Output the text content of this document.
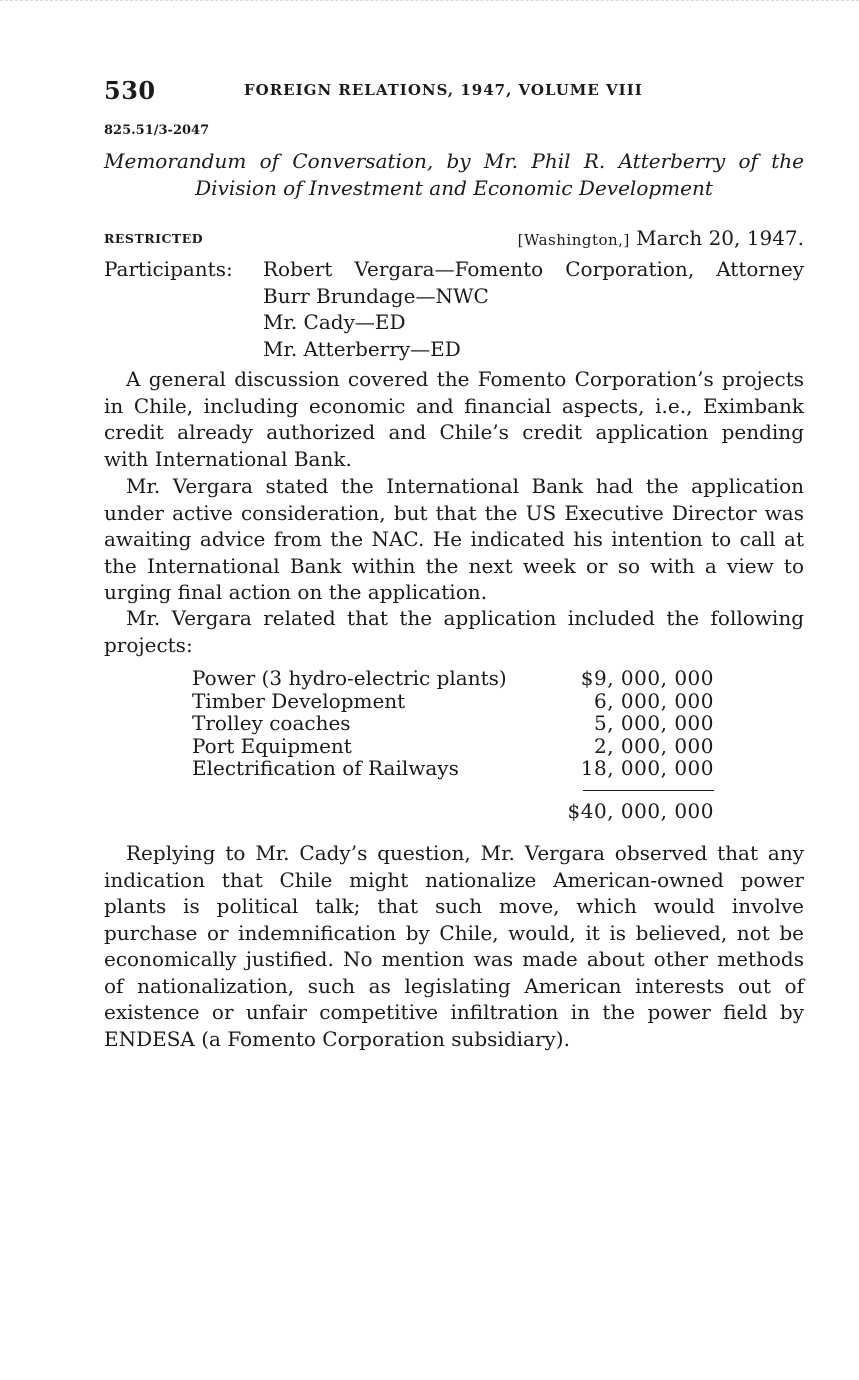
530	FOREIGN RELATIONS, 1947, VOLUME VIII
825.51/3-2047
Memorandum of Conversation, by Mr. Phil R. Atterberry of the
Division of Investment and Economic Development
RESTRICTED	[Washington,] March 20, 1947.
Participants: Robert Vergara—Fomento Corporation, Attorney
Burr Brundage—NWC
Mr. Cady—ED
Mr. Atterberry—ED

A general discussion covered the Fomento Corporation’s projects in Chile, including economic and financial aspects, i.e., Eximbank credit already authorized and Chile’s credit application pending with International Bank.

Mr. Vergara stated the International Bank had the application under active consideration, but that the US Executive Director was awaiting advice from the NAC. He indicated his intention to call at the International Bank within the next week or so with a view to urging final action on the application.

Mr. Vergara related that the application included the following projects:

Power (3 hydro-electric plants)	$9, 000, 000
Timber Development	6, 000, 000
Trolley coaches	5, 000, 000
Port Equipment	2, 000, 000
Electrification of Railways	18, 000, 000
$40, 000, 000

Replying to Mr. Cady’s question, Mr. Vergara observed that any indication that Chile might nationalize American-owned power plants is political talk; that such move, which would involve purchase or indemnification by Chile, would, it is believed, not be economically justified. No mention was made about other methods of nationalization, such as legislating American interests out of existence or unfair competitive infiltration in the power field by ENDESA (a Fomento Corporation subsidiary).
